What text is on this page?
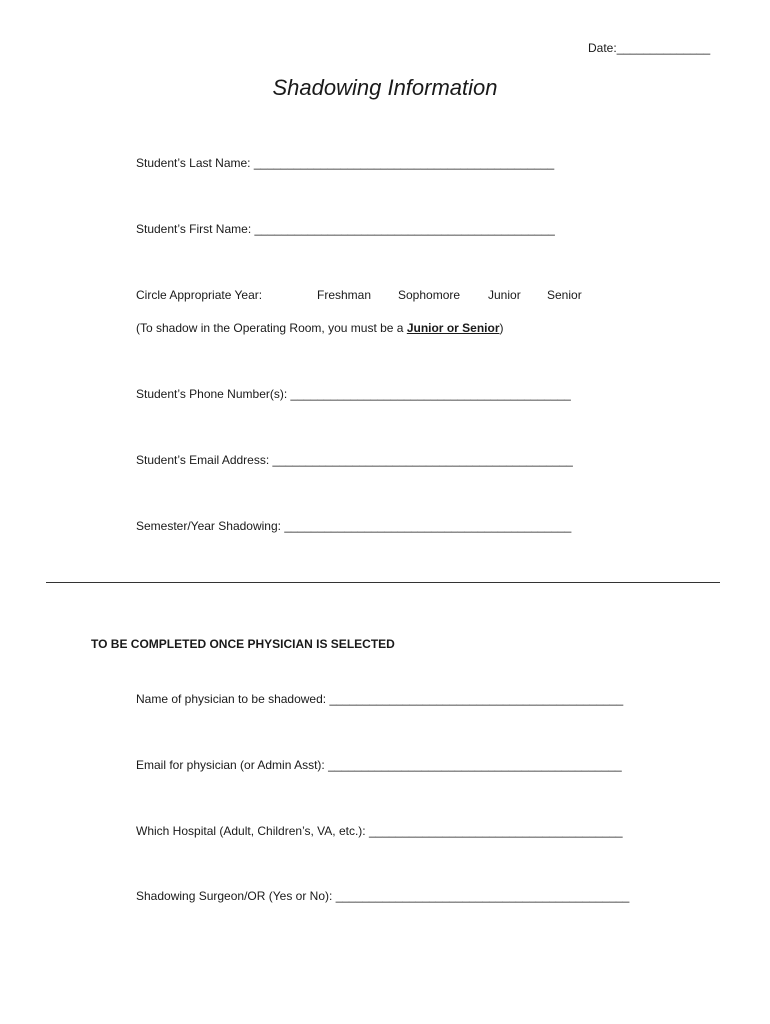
Date:______________
Shadowing Information
Student’s Last Name: _____________________________________________
Student’s First Name: _____________________________________________
Circle Appropriate Year:	Freshman Sophomore Junior Senior
(To shadow in the Operating Room, you must be a Junior or Senior)
Student’s Phone Number(s): __________________________________________
Student’s Email Address: _____________________________________________
Semester/Year Shadowing: ___________________________________________
TO BE COMPLETED ONCE PHYSICIAN IS SELECTED
Name of physician to be shadowed: ____________________________________________
Email for physician (or Admin Asst): ____________________________________________
Which Hospital (Adult, Children’s, VA, etc.): ______________________________________
Shadowing Surgeon/OR (Yes or No): ____________________________________________
